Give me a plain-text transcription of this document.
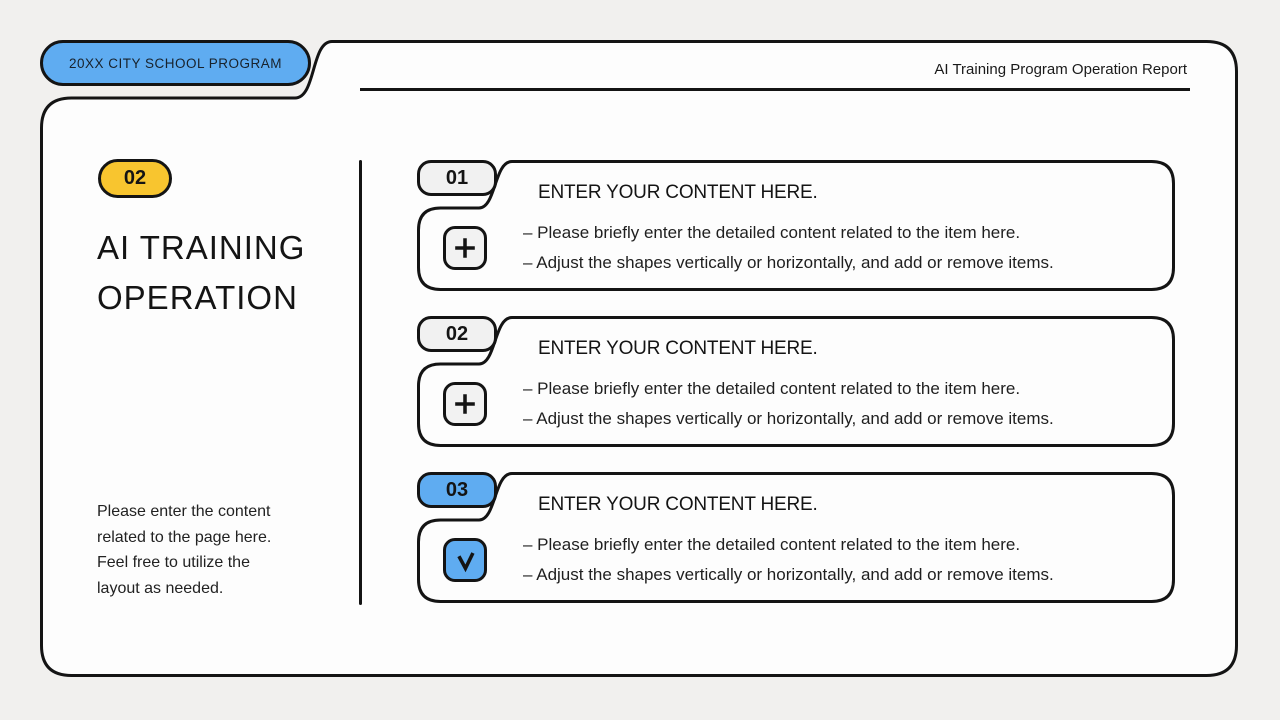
20XX CITY SCHOOL PROGRAM	AI Training Program Operation Report
02
AI TRAINING
OPERATION
Please enter the content
related to the page here.
Feel free to utilize the
layout as needed.
01
ENTER YOUR CONTENT HERE.
– Please briefly enter the detailed content related to the item here.
– Adjust the shapes vertically or horizontally, and add or remove items.
02
ENTER YOUR CONTENT HERE.
– Please briefly enter the detailed content related to the item here.
– Adjust the shapes vertically or horizontally, and add or remove items.
03
ENTER YOUR CONTENT HERE.
– Please briefly enter the detailed content related to the item here.
– Adjust the shapes vertically or horizontally, and add or remove items.
